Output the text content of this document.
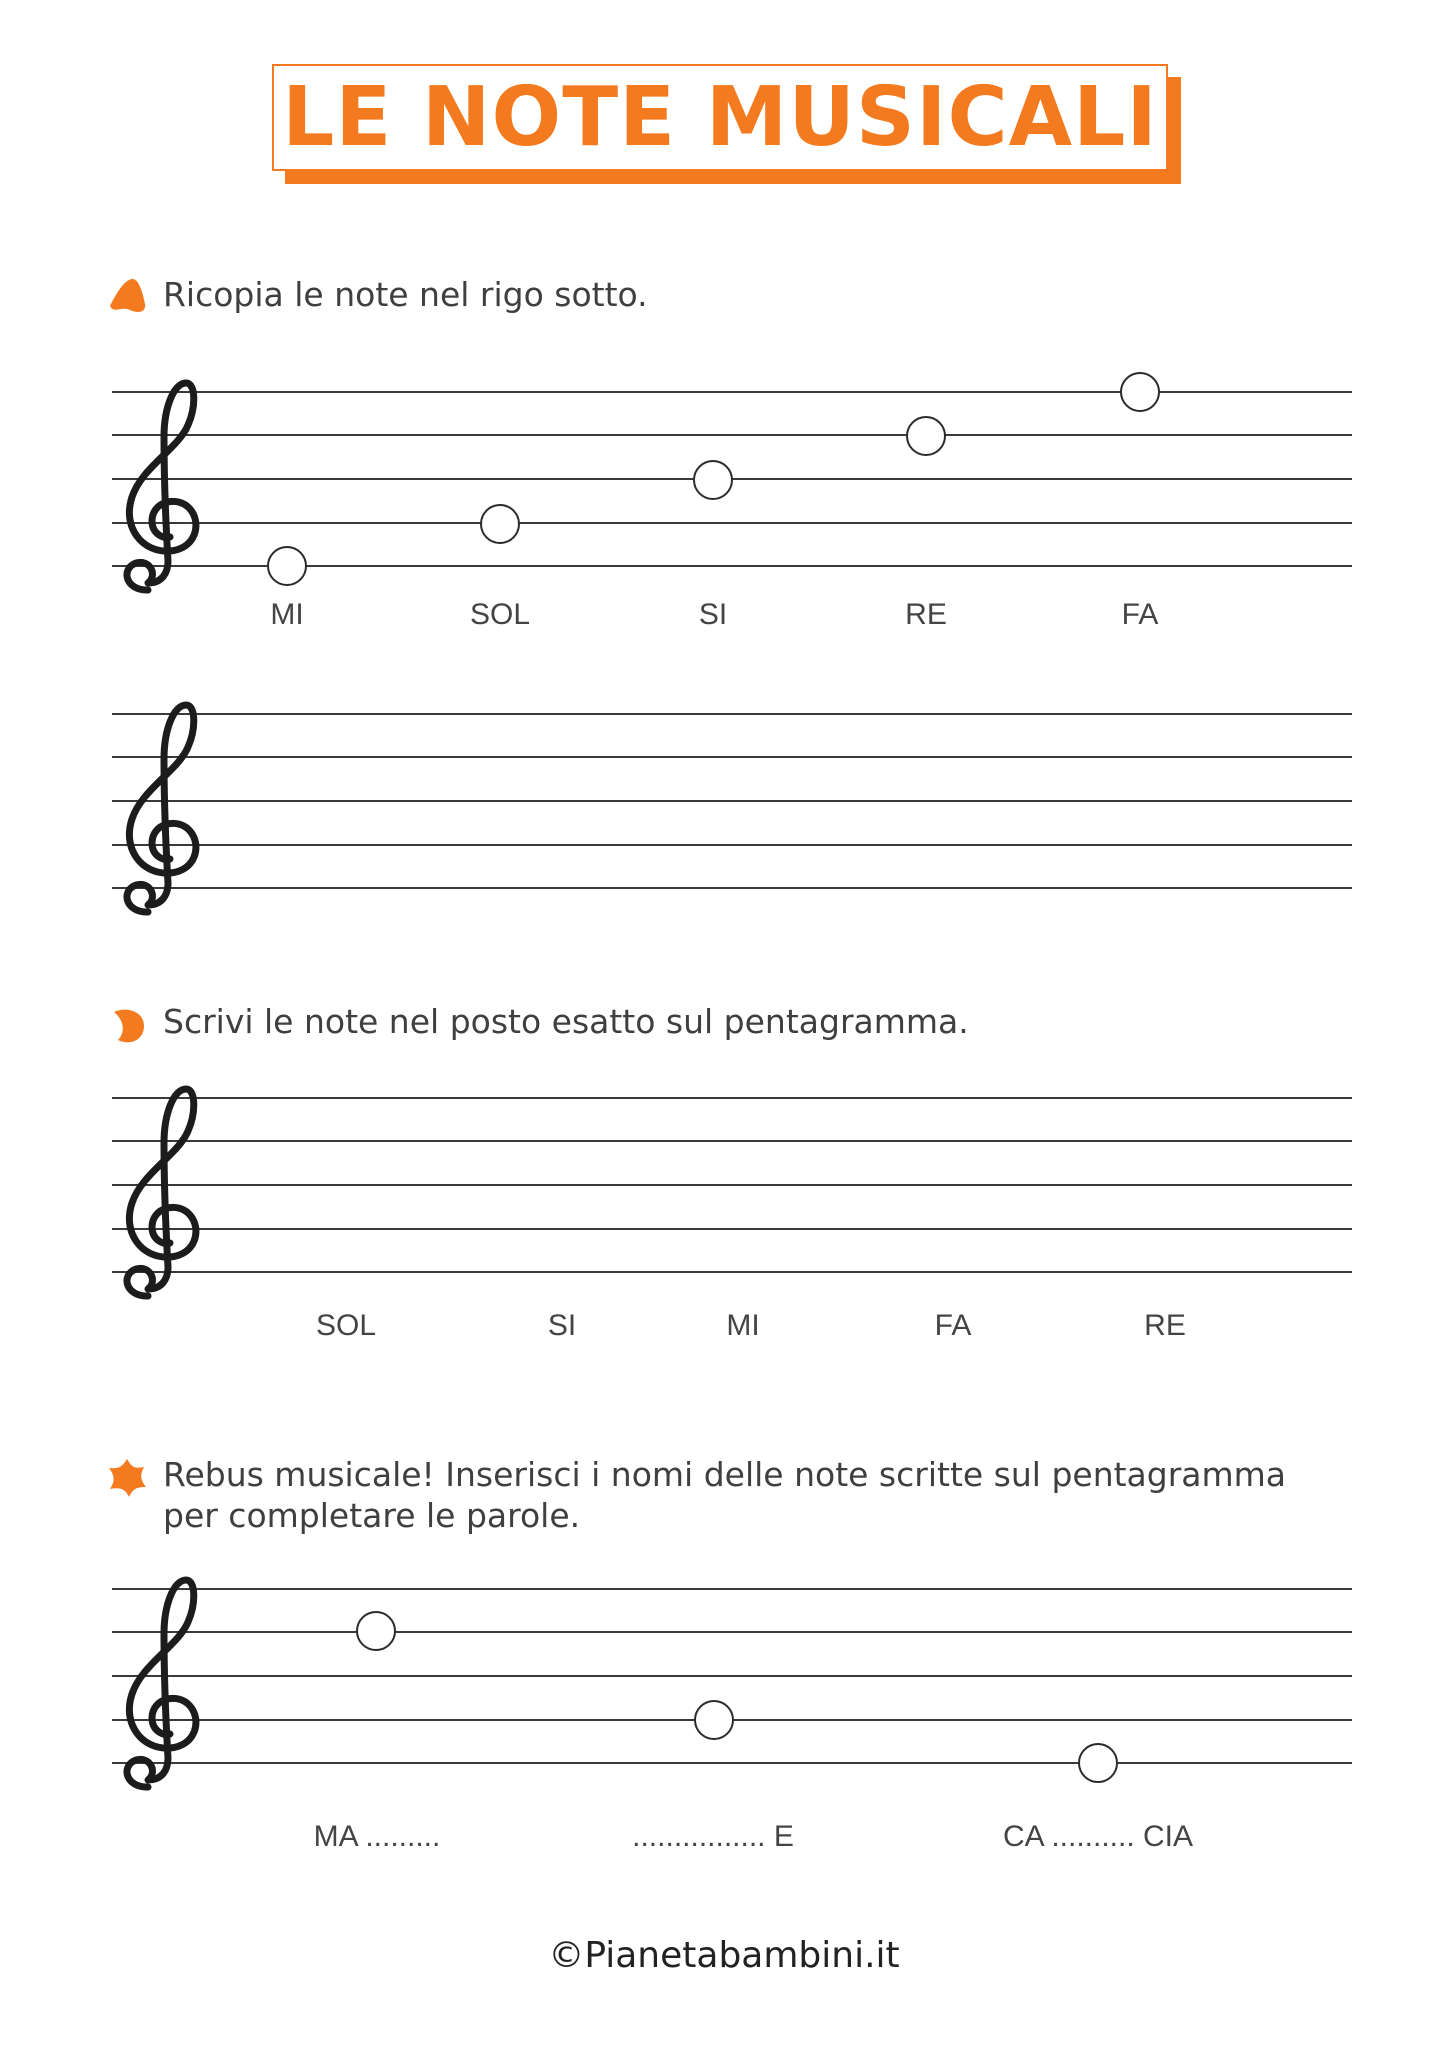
LE NOTE MUSICALI
Ricopia le note nel rigo sotto.
MI	SOL	SI	RE	FA
Scrivi le note nel posto esatto sul pentagramma.
SOL	SI	MI	FA	RE
Rebus musicale! Inserisci i nomi delle note scritte sul pentagramma
per completare le parole.
MA .........	................ E	CA .......... CIA
©Pianetabambini.it
